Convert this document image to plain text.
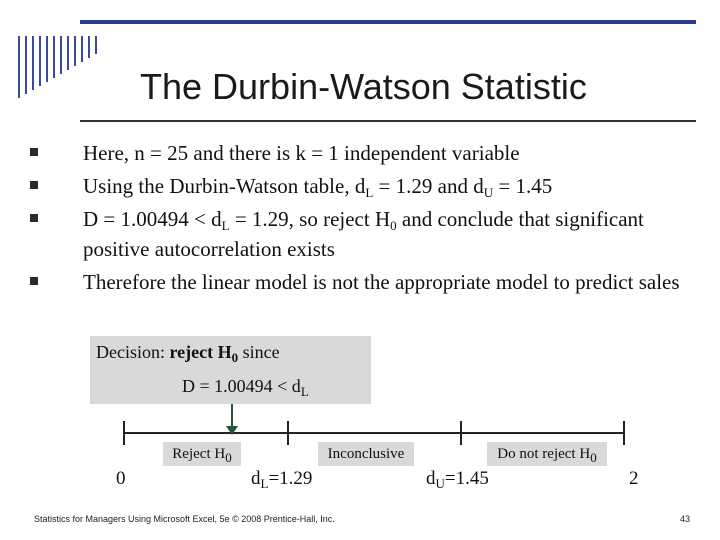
The Durbin-Watson Statistic
Here, n = 25 and there is k = 1 independent variable
Using the Durbin-Watson table, $d_L = 1.29$ and $d_U = 1.45$
$D = 1.00494 < d_L = 1.29$, so reject $H_0$ and conclude that significant positive autocorrelation exists
Therefore the linear model is not the appropriate model to predict sales
Decision: reject $H_0$ since
$D = 1.00494 < d_L$
Reject $H_0$	Inconclusive	Do not reject $H_0$
0	$d_L=1.29$	$d_U=1.45$	2
Statistics for Managers Using Microsoft Excel, 5e © 2008 Prentice-Hall, Inc.	43
